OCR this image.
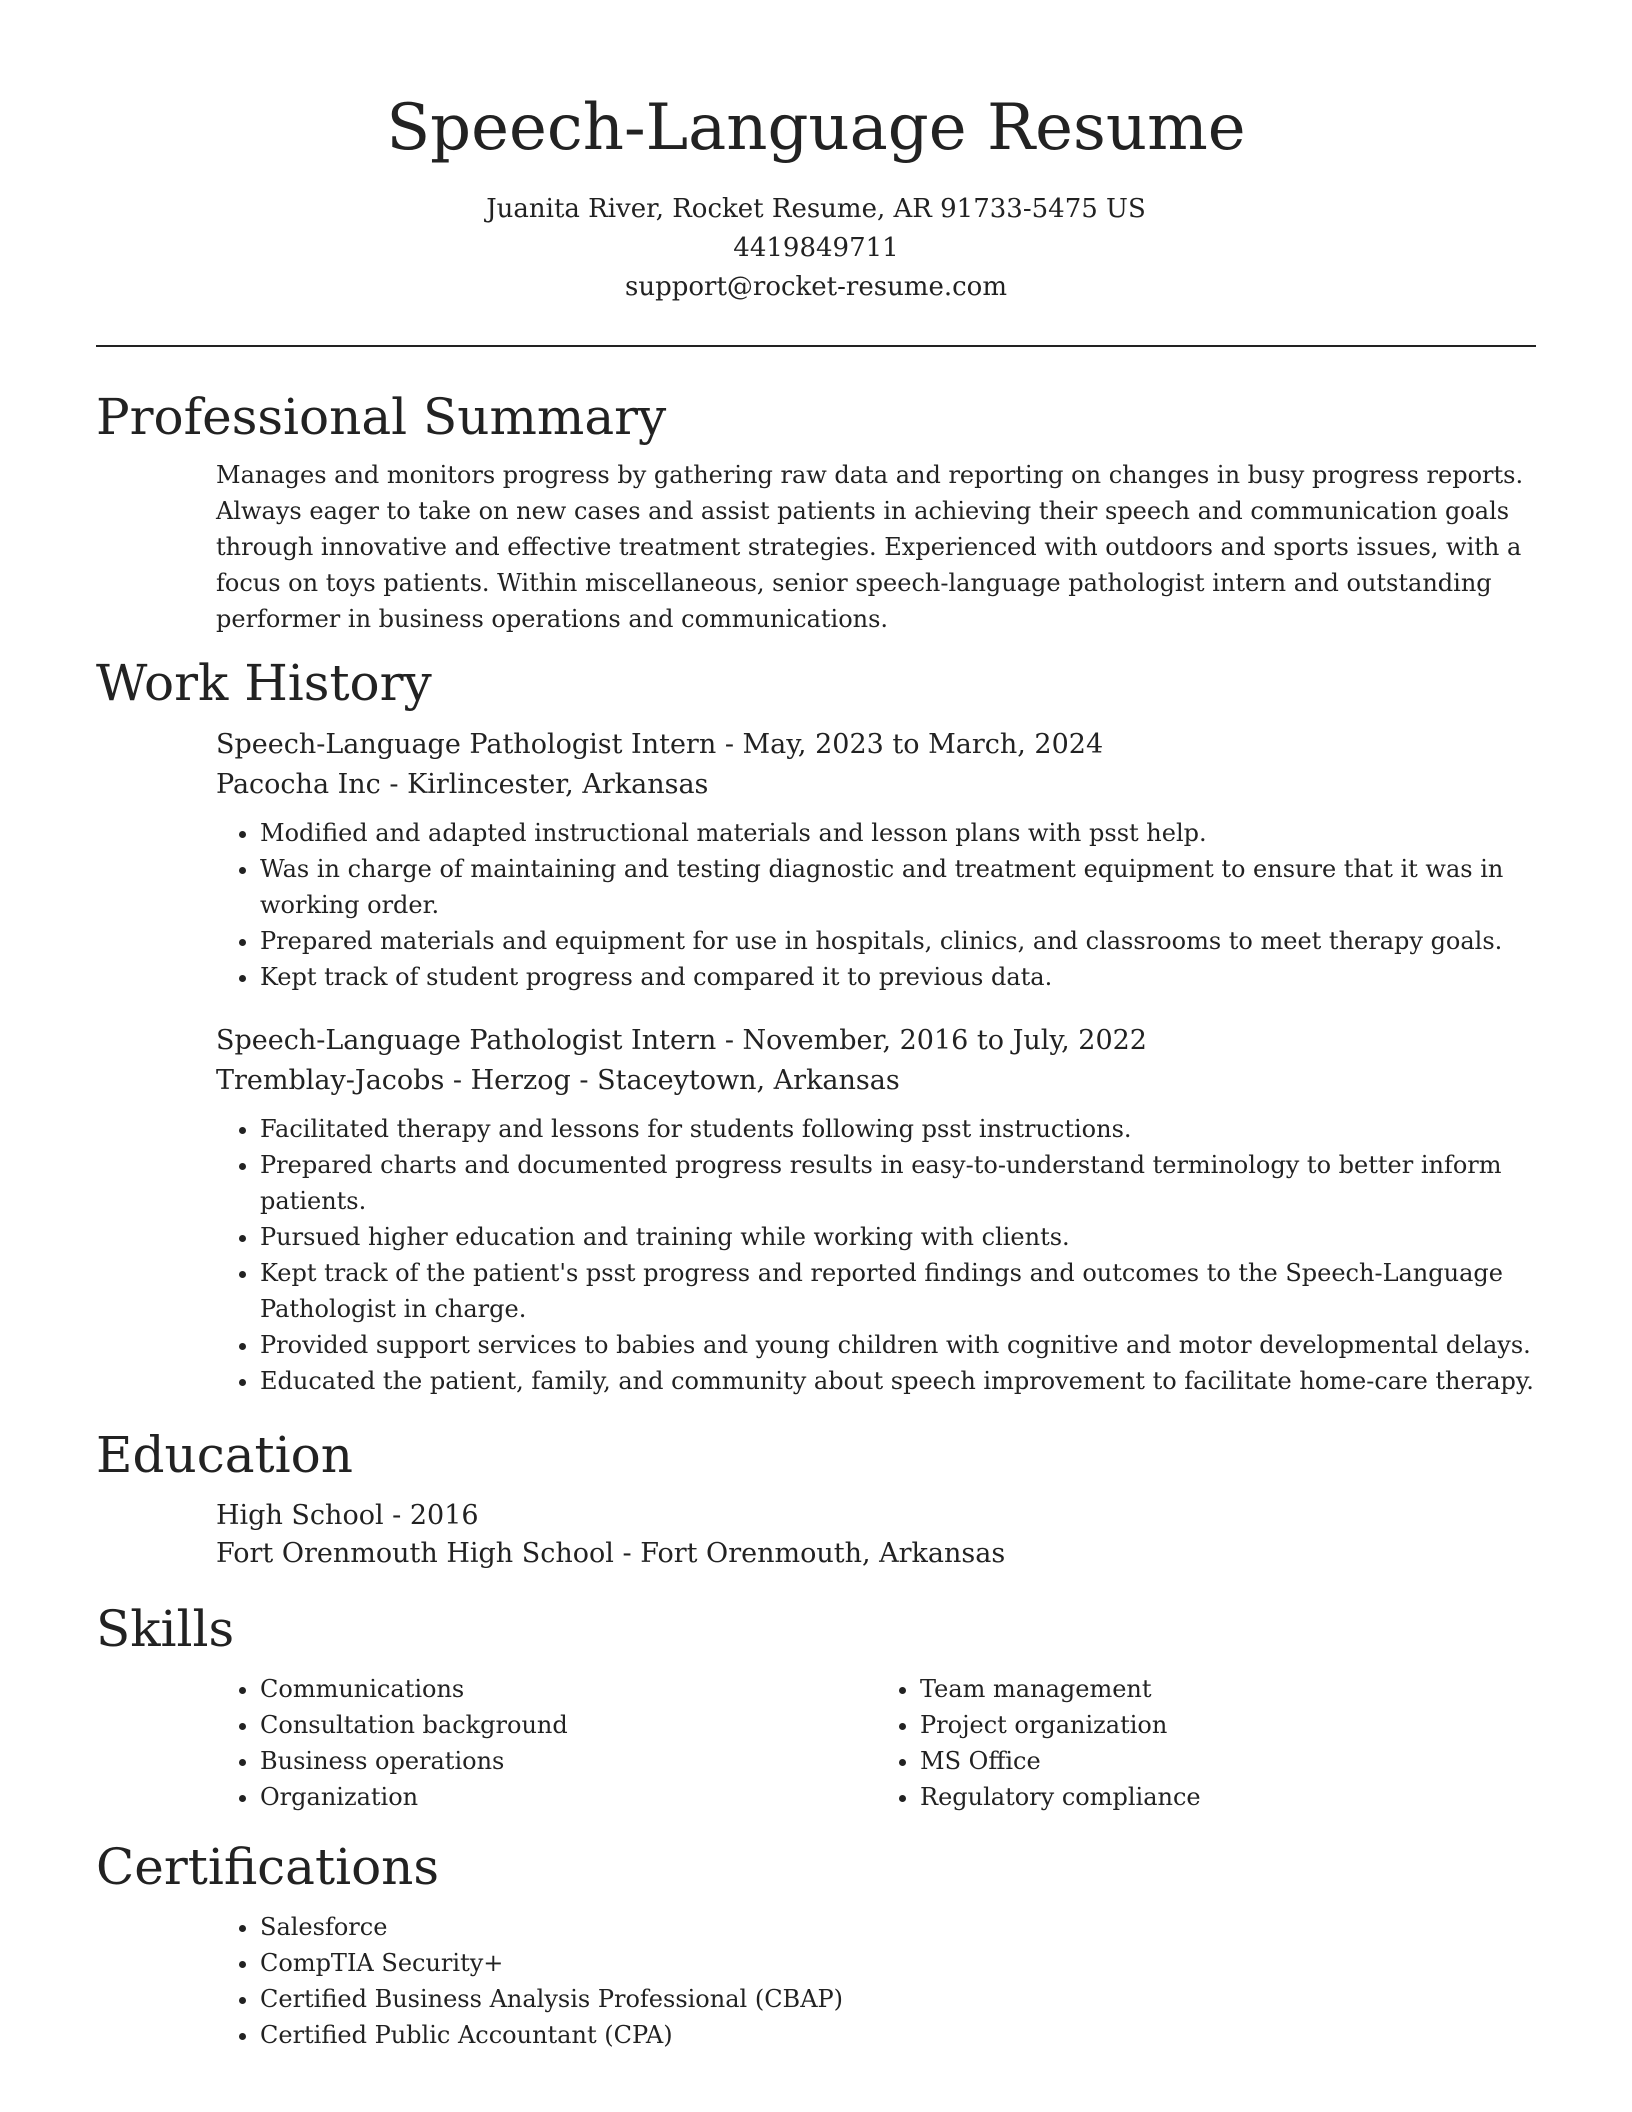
Speech-Language Resume
Juanita River, Rocket Resume, AR 91733-5475 US
4419849711
support@rocket-resume.com
Professional Summary

Manages and monitors progress by gathering raw data and reporting on changes in busy progress reports. Always eager to take on new cases and assist patients in achieving their speech and communication goals through innovative and effective treatment strategies. Experienced with outdoors and sports issues, with a focus on toys patients. Within miscellaneous, senior speech-language pathologist intern and outstanding performer in business operations and communications.

Work History
Speech-Language Pathologist Intern - May, 2023 to March, 2024
Pacocha Inc - Kirlincester, Arkansas
• Modified and adapted instructional materials and lesson plans with psst help.
• Was in charge of maintaining and testing diagnostic and treatment equipment to ensure that it was in working order.
• Prepared materials and equipment for use in hospitals, clinics, and classrooms to meet therapy goals.
• Kept track of student progress and compared it to previous data.
Speech-Language Pathologist Intern - November, 2016 to July, 2022
Tremblay-Jacobs - Herzog - Staceytown, Arkansas
• Facilitated therapy and lessons for students following psst instructions.
• Prepared charts and documented progress results in easy-to-understand terminology to better inform patients.
• Pursued higher education and training while working with clients.
• Kept track of the patient's psst progress and reported findings and outcomes to the Speech-Language Pathologist in charge.
• Provided support services to babies and young children with cognitive and motor developmental delays.
• Educated the patient, family, and community about speech improvement to facilitate home-care therapy.
Education
High School - 2016
Fort Orenmouth High School - Fort Orenmouth, Arkansas
Skills
• Communications
• Consultation background
• Business operations
• Organization
• Team management
• Project organization
• MS Office
• Regulatory compliance
Certifications
• Salesforce
• CompTIA Security+
• Certified Business Analysis Professional (CBAP)
• Certified Public Accountant (CPA)
